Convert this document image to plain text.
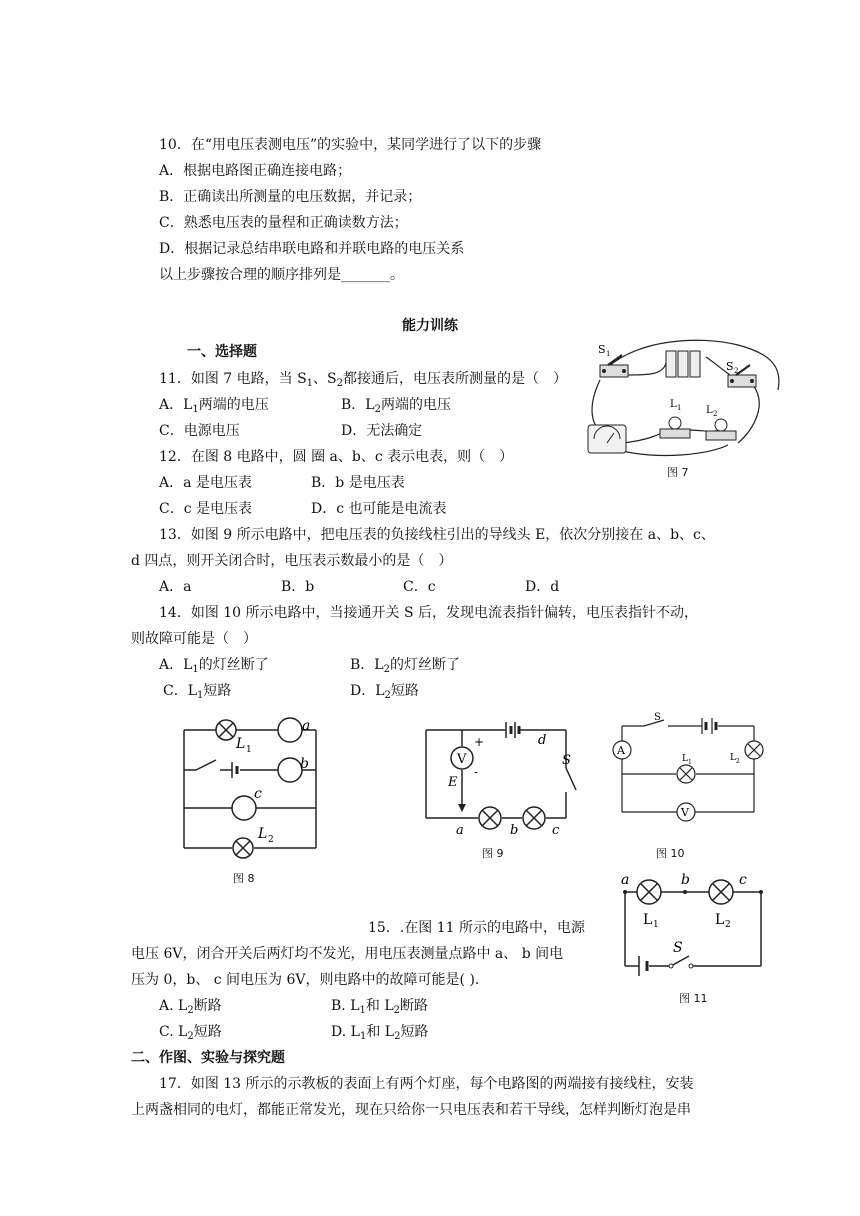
10．在“用电压表测电压”的实验中，某同学进行了以下的步骤
A．根据电路图正确连接电路；
B．正确读出所测量的电压数据，并记录；
C．熟悉电压表的量程和正确读数方法；
D．根据记录总结串联电路和并联电路的电压关系
以上步骤按合理的顺序排列是_______。
能力训练
一、选择题
11．如图 7 电路，当 $S_1$、$S_2$都接通后，电压表所测量的是（　）
A．$L_1$两端的电压	B．$L_2$两端的电压
C．电源电压	D．无法确定
12．在图 8 电路中，圆 圈 a、b、c 表示电表，则（　）
A．a 是电压表	B．b 是电压表
C．c 是电压表	D．c 也可能是电流表
13．如图 9 所示电路中，把电压表的负接线柱引出的导线头 E，依次分别接在 a、b、c、
d 四点，则开关闭合时，电压表示数最小的是（　）
A．a	B．b	C．c	D．d
14．如图 10 所示电路中，当接通开关 S 后，发现电流表指针偏转，电压表指针不动，
则故障可能是（　）
A．$L_1$的灯丝断了	B．$L_2$的灯丝断了
C．$L_1$短路	D．$L_2$短路
15．.在图 11 所示的电路中，电源
电压 6V，闭合开关后两灯均不发光，用电压表测量点路中 a、 b 间电
压为 0，b、 c 间电压为 6V，则电路中的故障可能是( ).
A. $L_2$断路	B. $L_1$和 $L_2$断路
C. $L_2$短路	D. $L_1$和 $L_2$短路
二、作图、实验与探究题
17．如图 13 所示的示教板的表面上有两个灯座，每个电路图的两端接有接线柱，安装
上两盏相同的电灯，都能正常发光，现在只给你一只电压表和若干导线，怎样判断灯泡是串
S 1
S 2
L 1 L 2
图 7
a
L 1
b
c
L 2
图 8
V
+
-
E
d
S
a	b	c
图 9
S
A
L 2
L 1
V
图 10
a	b	c
L 1	L 2
S
图 11
